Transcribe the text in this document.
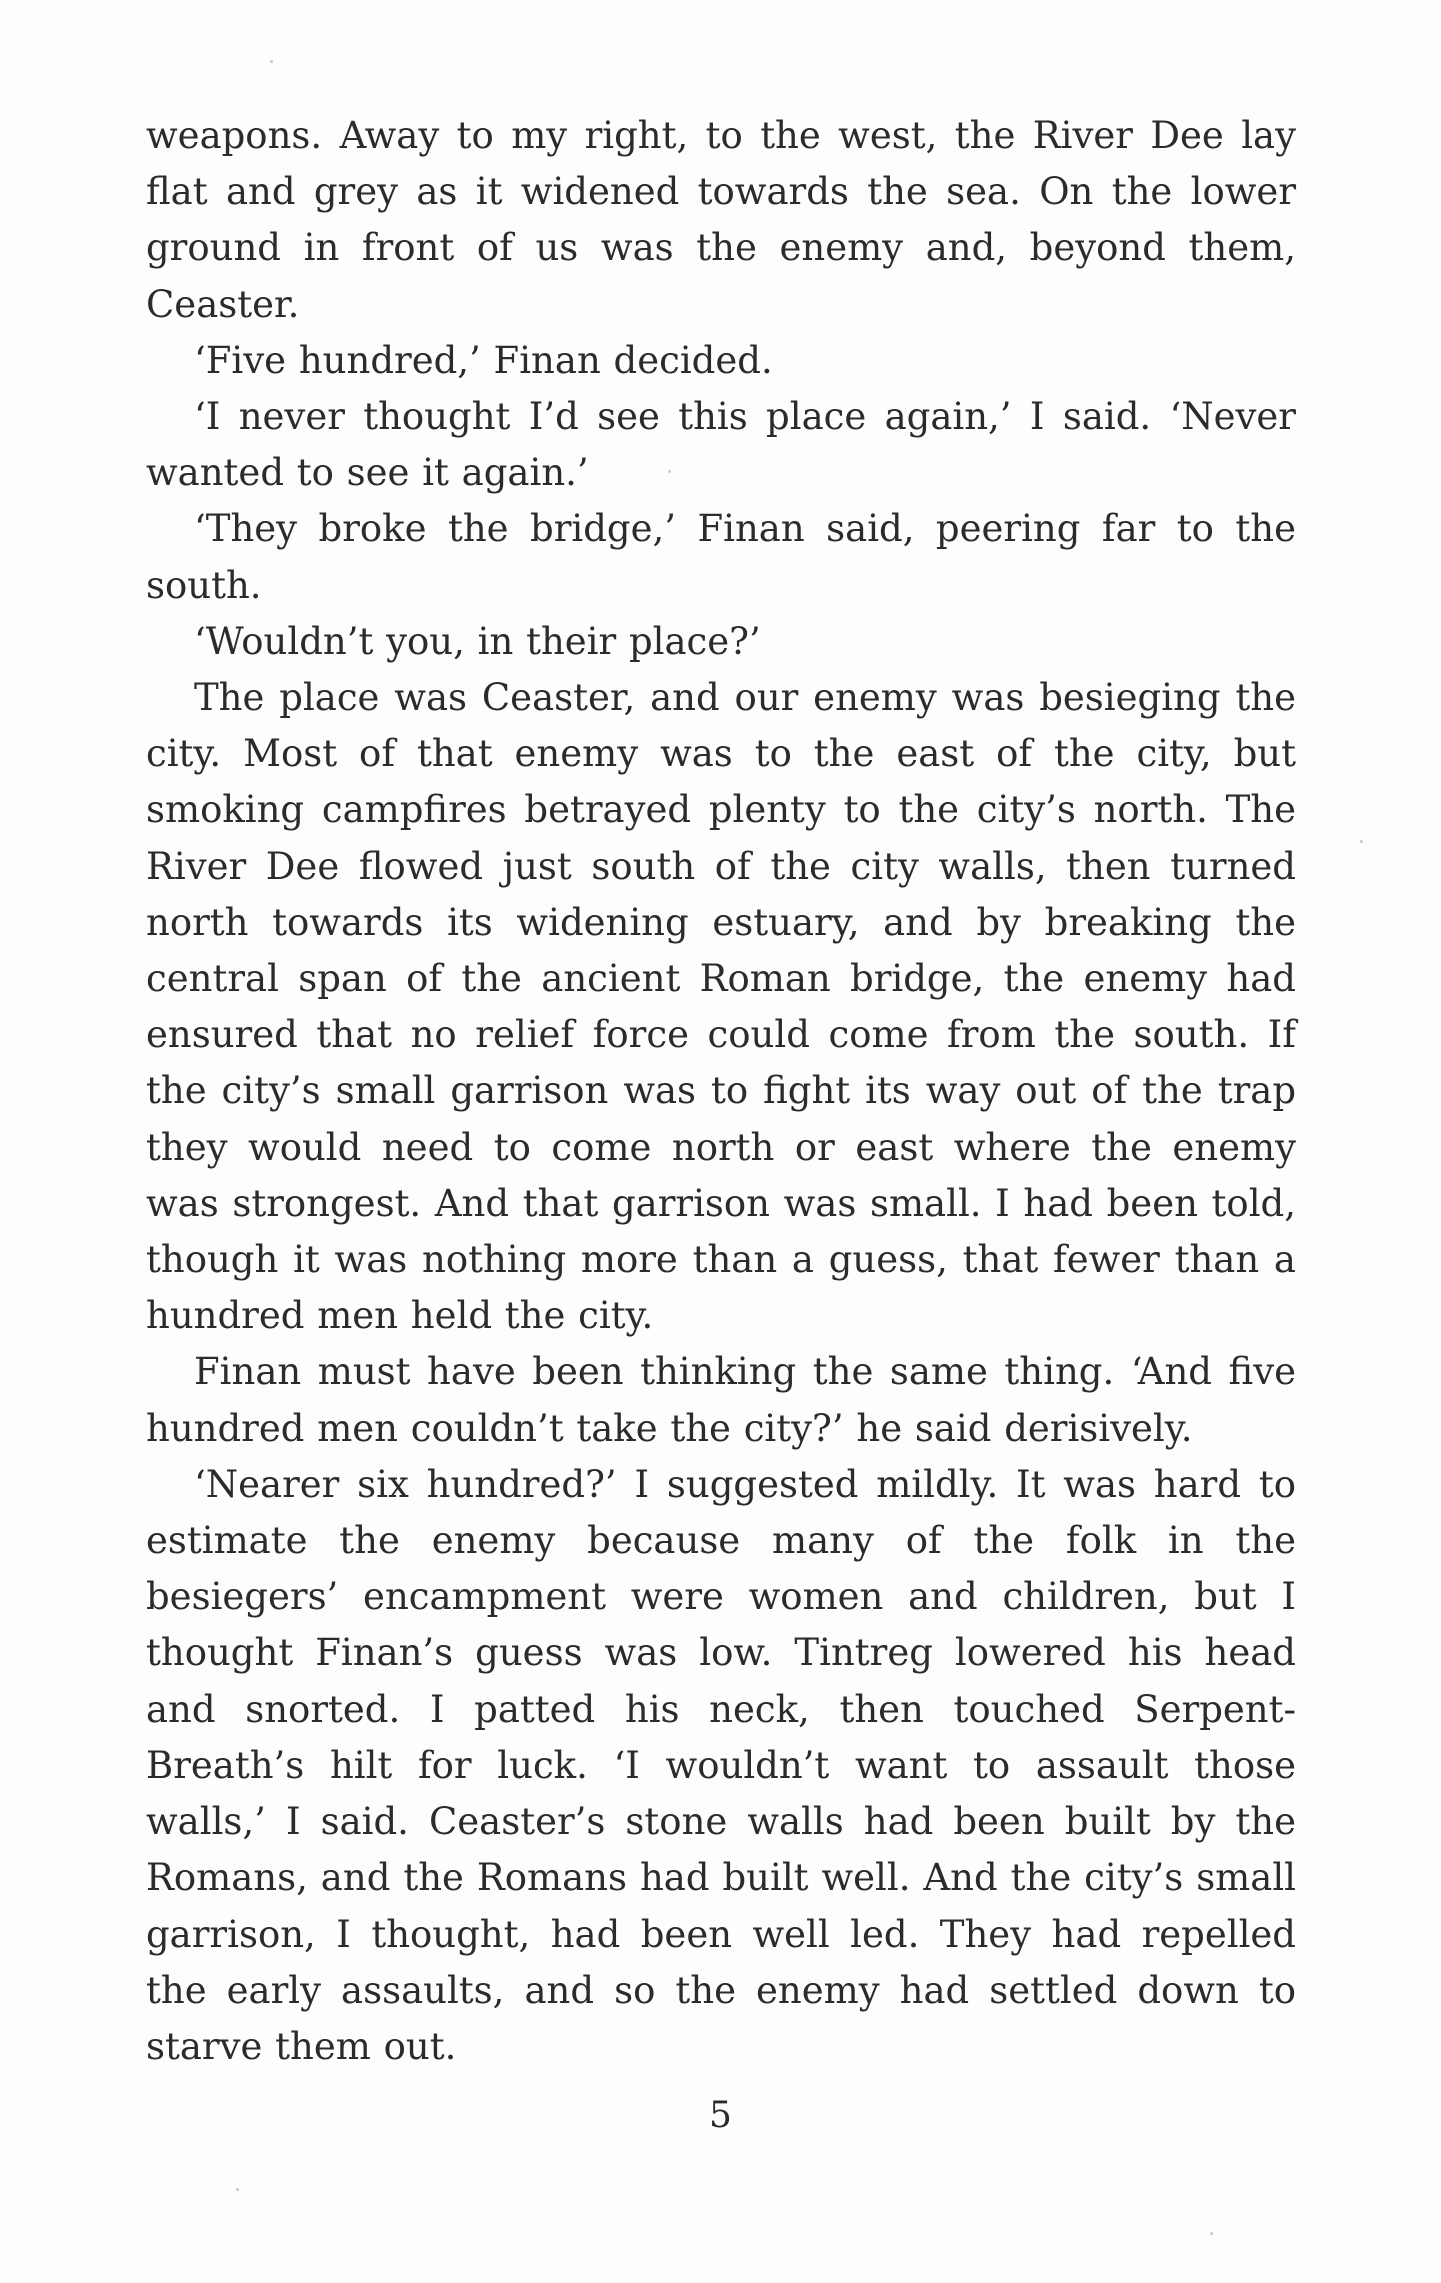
weapons. Away to my right, to the west, the River Dee lay flat and grey as it widened towards the sea. On the lower ground in front of us was the enemy and, beyond them, Ceaster.

‘Five hundred,’ Finan decided.

‘I never thought I’d see this place again,’ I said. ‘Never wanted to see it again.’

‘They broke the bridge,’ Finan said, peering far to the south.

‘Wouldn’t you, in their place?’

The place was Ceaster, and our enemy was besieging the city. Most of that enemy was to the east of the city, but smoking campfires betrayed plenty to the city’s north. The River Dee flowed just south of the city walls, then turned north towards its widening estuary, and by breaking the central span of the ancient Roman bridge, the enemy had ensured that no relief force could come from the south. If the city’s small garrison was to fight its way out of the trap they would need to come north or east where the enemy was strongest. And that garrison was small. I had been told, though it was nothing more than a guess, that fewer than a hundred men held the city.

Finan must have been thinking the same thing. ‘And five hundred men couldn’t take the city?’ he said derisively.

‘Nearer six hundred?’ I suggested mildly. It was hard to estimate the enemy because many of the folk in the besiegers’ encampment were women and children, but I thought Finan’s guess was low. Tintreg lowered his head and snorted. I patted his neck, then touched Serpent-Breath’s hilt for luck. ‘I wouldn’t want to assault those walls,’ I said. Ceaster’s stone walls had been built by the Romans, and the Romans had built well. And the city’s small garrison, I thought, had been well led. They had repelled the early assaults, and so the enemy had settled down to starve them out.

5
